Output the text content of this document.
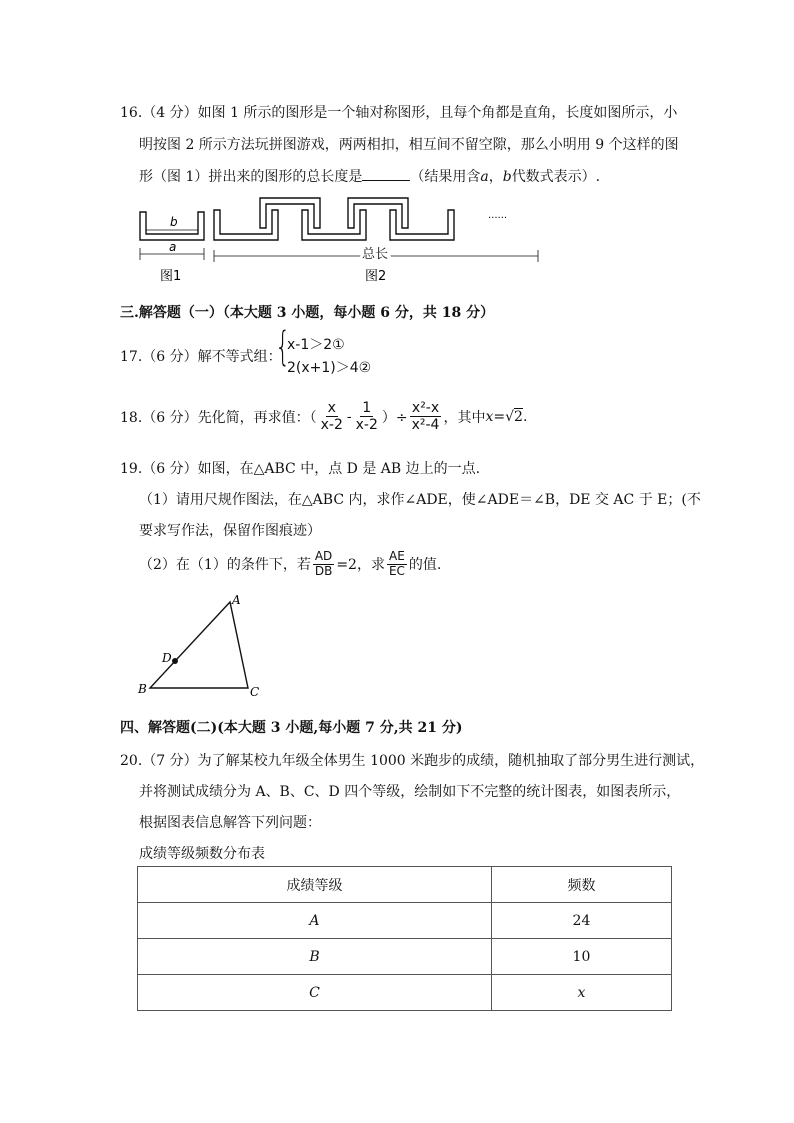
16.（4 分）如图 1 所示的图形是一个轴对称图形，且每个角都是直角，长度如图所示，小
明按图 2 所示方法玩拼图游戏，两两相扣，相互间不留空隙，那么小明用 9 个这样的图
形（图 1）拼出来的图形的总长度是	（结果用含a，b代数式表示）.
b
a
图1
总长
图2
......
三.解答题（一）（本大题 3 小题，每小题 6 分，共 18 分）
17.（6 分）解不等式组：
{
x-1＞2①
2(x+1)＞4②
18.（6 分）先化简，再求值：（ $\frac{x}{x-2} - \frac{1}{x-2}$ ）÷ $\frac{\text{x²-x}}{\text{x²-4}}$ ，其中 x = √ 2 .
19.（6 分）如图，在△ABC 中，点 D 是 AB 边上的一点.
（1）请用尺规作图法，在△ABC 内，求作∠ADE，使∠ADE＝∠B，DE 交 AC 于 E；(不
要求写作法，保留作图痕迹）
（2）在（1）的条件下，若 $\frac{AD}{DB} =2$，求 $\frac{AE}{EC}$ 的值.
A
B	C
D
四、解答题(二)(本大题 3 小题,每小题 7 分,共 21 分)
20.（7 分）为了解某校九年级全体男生 1000 米跑步的成绩，随机抽取了部分男生进行测试，
并将测试成绩分为 A、B、C、D 四个等级，绘制如下不完整的统计图表，如图表所示，
根据图表信息解答下列问题：
成绩等级频数分布表
成绩等级	频数
A	24
B	10
C	x
